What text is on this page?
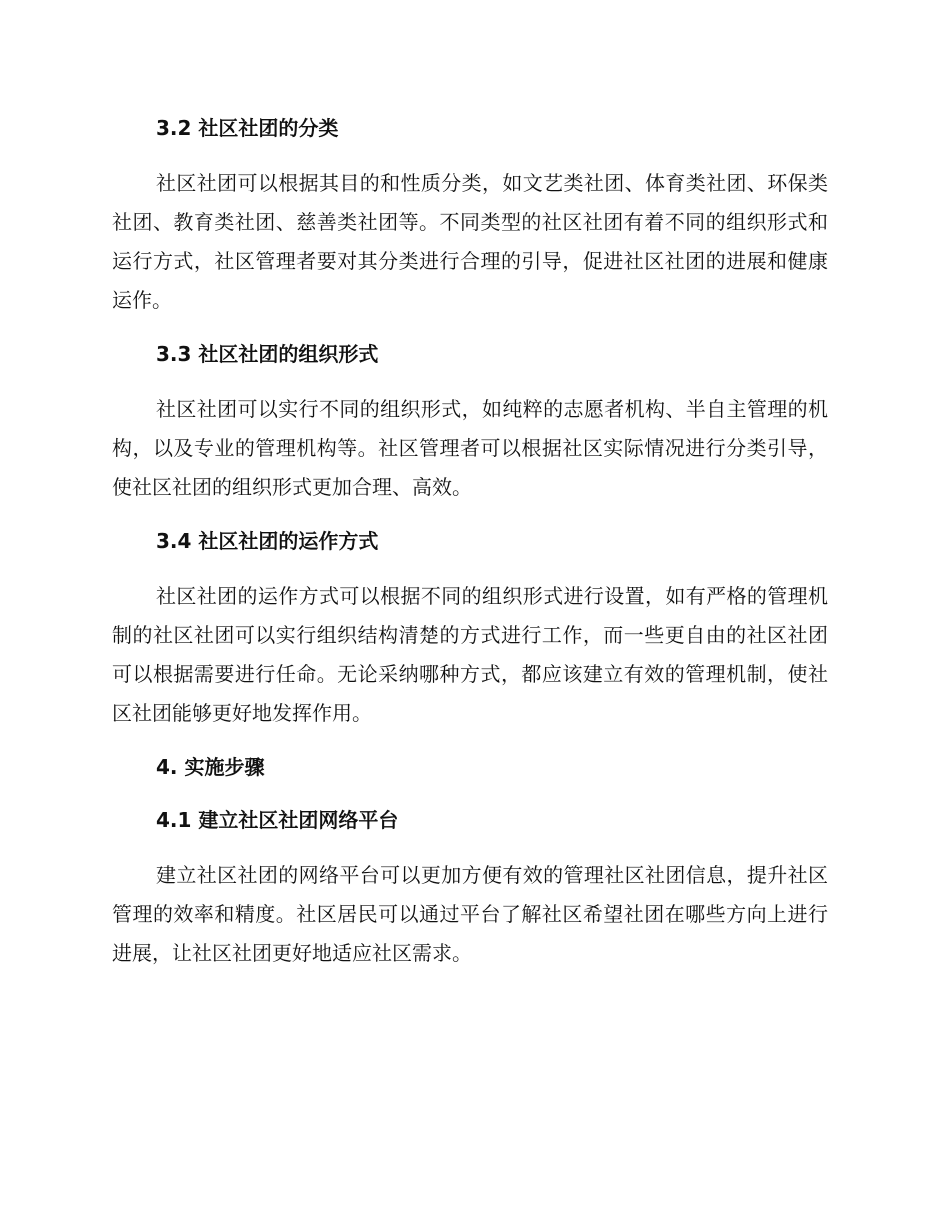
3.2 社区社团的分类

社区社团可以根据其目的和性质分类，如文艺类社团、体育类社团、环保类社团、教育类社团、慈善类社团等。不同类型的社区社团有着不同的组织形式和运行方式，社区管理者要对其分类进行合理的引导，促进社区社团的进展和健康运作。

3.3 社区社团的组织形式

社区社团可以实行不同的组织形式，如纯粹的志愿者机构、半自主管理的机构，以及专业的管理机构等。社区管理者可以根据社区实际情况进行分类引导，使社区社团的组织形式更加合理、高效。

3.4 社区社团的运作方式

社区社团的运作方式可以根据不同的组织形式进行设置，如有严格的管理机制的社区社团可以实行组织结构清楚的方式进行工作，而一些更自由的社区社团可以根据需要进行任命。无论采纳哪种方式，都应该建立有效的管理机制，使社区社团能够更好地发挥作用。

4. 实施步骤
4.1 建立社区社团网络平台

建立社区社团的网络平台可以更加方便有效的管理社区社团信息，提升社区管理的效率和精度。社区居民可以通过平台了解社区希望社团在哪些方向上进行进展，让社区社团更好地适应社区需求。
